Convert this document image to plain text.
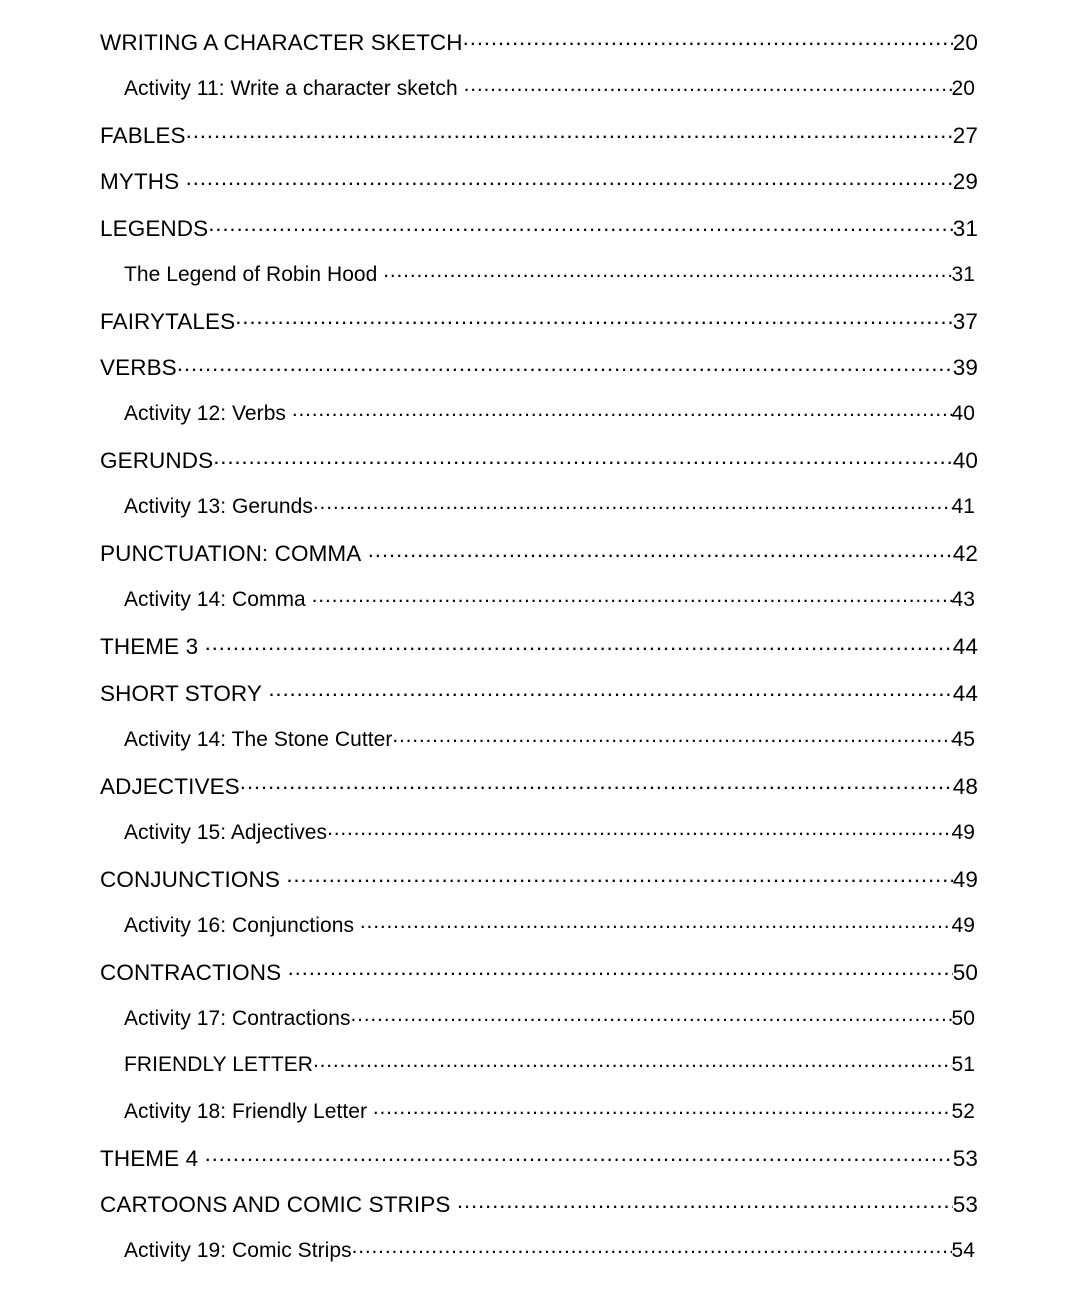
WRITING A CHARACTER SKETCH .....	20
Activity 11: Write a character sketch .....	20
FABLES .....	27
MYTHS .....	29
LEGENDS .....	31
The Legend of Robin Hood .....	31
FAIRYTALES .....	37
VERBS .....	39
Activity 12: Verbs .....	40
GERUNDS .....	40
Activity 13: Gerunds .....	41
PUNCTUATION: COMMA .....	42
Activity 14: Comma .....	43
THEME 3 .....	44
SHORT STORY .....	44
Activity 14: The Stone Cutter .....	45
ADJECTIVES .....	48
Activity 15: Adjectives .....	49
CONJUNCTIONS .....	49
Activity 16: Conjunctions .....	49
CONTRACTIONS .....	50
Activity 17: Contractions .....	50
FRIENDLY LETTER .....	51
Activity 18: Friendly Letter .....	52
THEME 4 .....	53
CARTOONS AND COMIC STRIPS .....	53
Activity 19: Comic Strips .....	54
